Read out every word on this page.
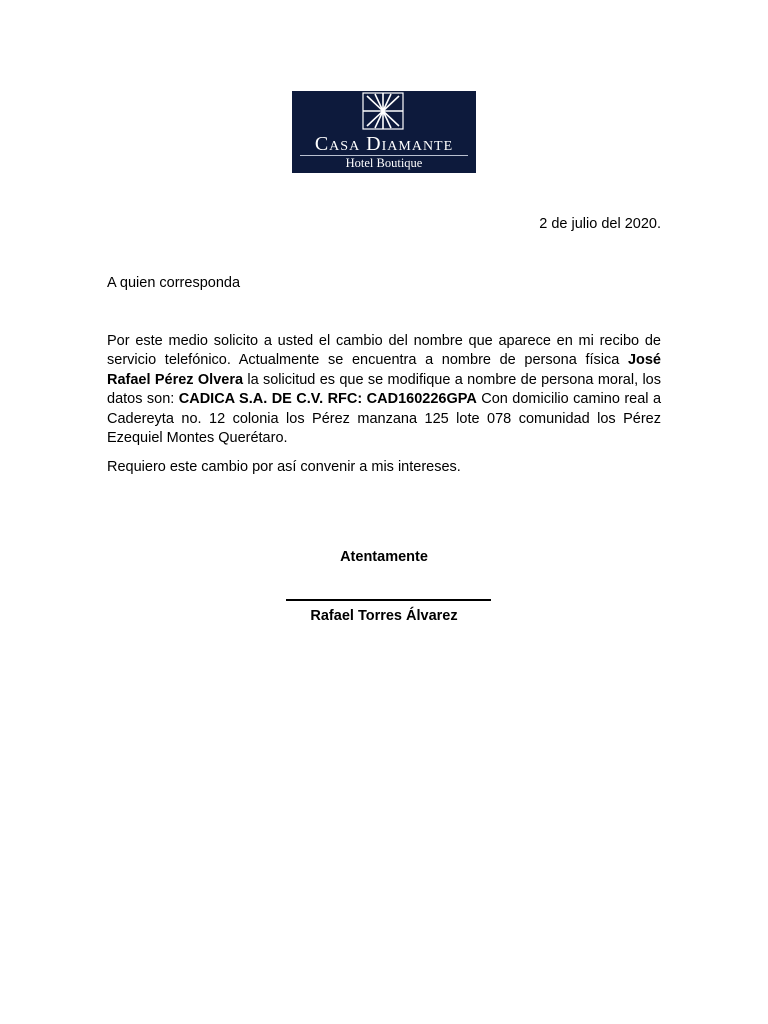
Casa Diamante
Hotel Boutique
2 de julio del 2020.
A quien corresponda
Por este medio solicito a usted el cambio del nombre que aparece en mi recibo de servicio telefónico. Actualmente se encuentra a nombre de persona física José Rafael Pérez Olvera la solicitud es que se modifique a nombre de persona moral, los datos son: CADICA S.A. DE C.V. RFC: CAD160226GPA Con domicilio camino real a Cadereyta no. 12 colonia los Pérez manzana 125 lote 078 comunidad los Pérez Ezequiel Montes Querétaro.
Requiero este cambio por así convenir a mis intereses.
Atentamente
Rafael Torres Álvarez
